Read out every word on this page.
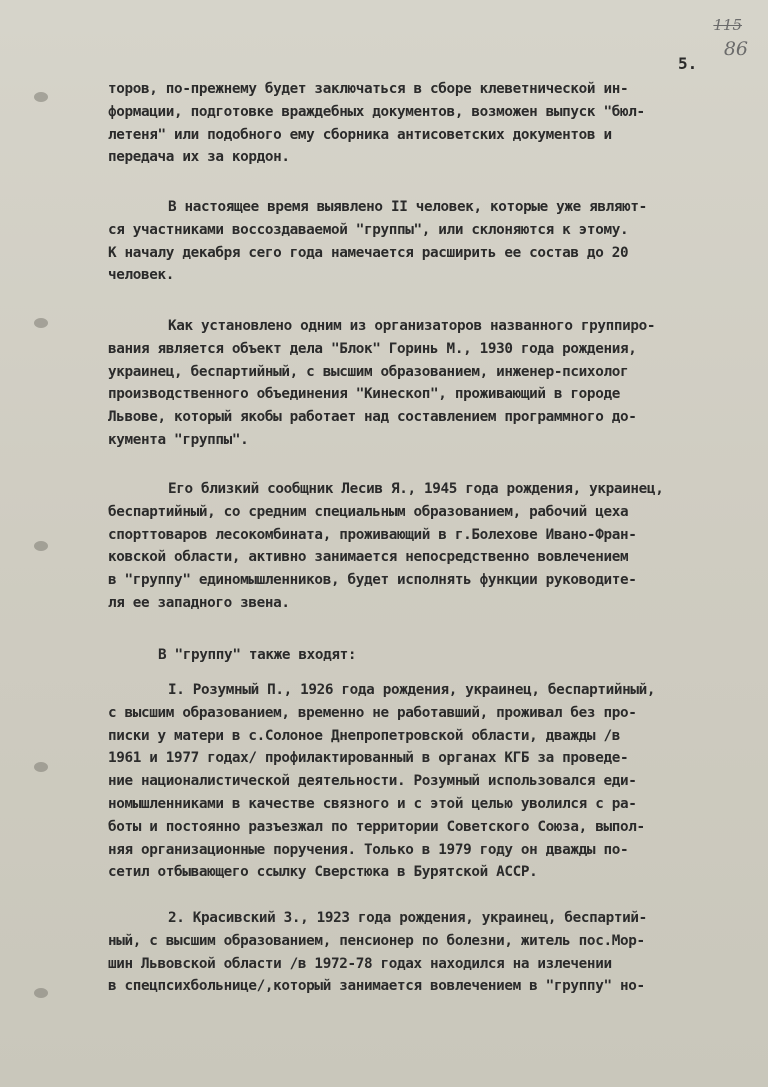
115
86
5.
торов, по-прежнему будет заключаться в сборе клеветнической ин-
формации, подготовке враждебных документов, возможен выпуск "бюл-
летеня" или подобного ему сборника антисоветских документов и
передача их за кордон.
В настоящее время выявлено II человек, которые уже являют-
ся участниками воссоздаваемой "группы", или склоняются к этому.
К началу декабря сего года намечается расширить ее состав до 20
человек.
Как установлено одним из организаторов названного группиро-
вания является объект дела "Блок" Горинь М., 1930 года рождения,
украинец, беспартийный, с высшим образованием, инженер-психолог
производственного объединения "Кинескоп", проживающий в городе
Львове, который якобы работает над составлением программного до-
кумента "группы".
Его близкий сообщник Лесив Я., 1945 года рождения, украинец,
беспартийный, со средним специальным образованием, рабочий цеха
спорттоваров лесокомбината, проживающий в г.Болехове Ивано-Фран-
ковской области, активно занимается непосредственно вовлечением
в "группу" единомышленников, будет исполнять функции руководите-
ля ее западного звена.
В "группу" также входят:
I. Розумный П., 1926 года рождения, украинец, беспартийный,
с высшим образованием, временно не работавший, проживал без про-
писки у матери в с.Солоное Днепропетровской области, дважды /в
1961 и 1977 годах/ профилактированный в органах КГБ за проведе-
ние националистической деятельности. Розумный использовался еди-
номышленниками в качестве связного и с этой целью уволился с ра-
боты и постоянно разъезжал по территории Советского Союза, выпол-
няя организационные поручения. Только в 1979 году он дважды по-
сетил отбывающего ссылку Сверстюка в Бурятской АССР.
2. Красивский З., 1923 года рождения, украинец, беспартий-
ный, с высшим образованием, пенсионер по болезни, житель пос.Мор-
шин Львовской области /в 1972-78 годах находился на излечении
в спецпсихбольнице/,который занимается вовлечением в "группу" но-
